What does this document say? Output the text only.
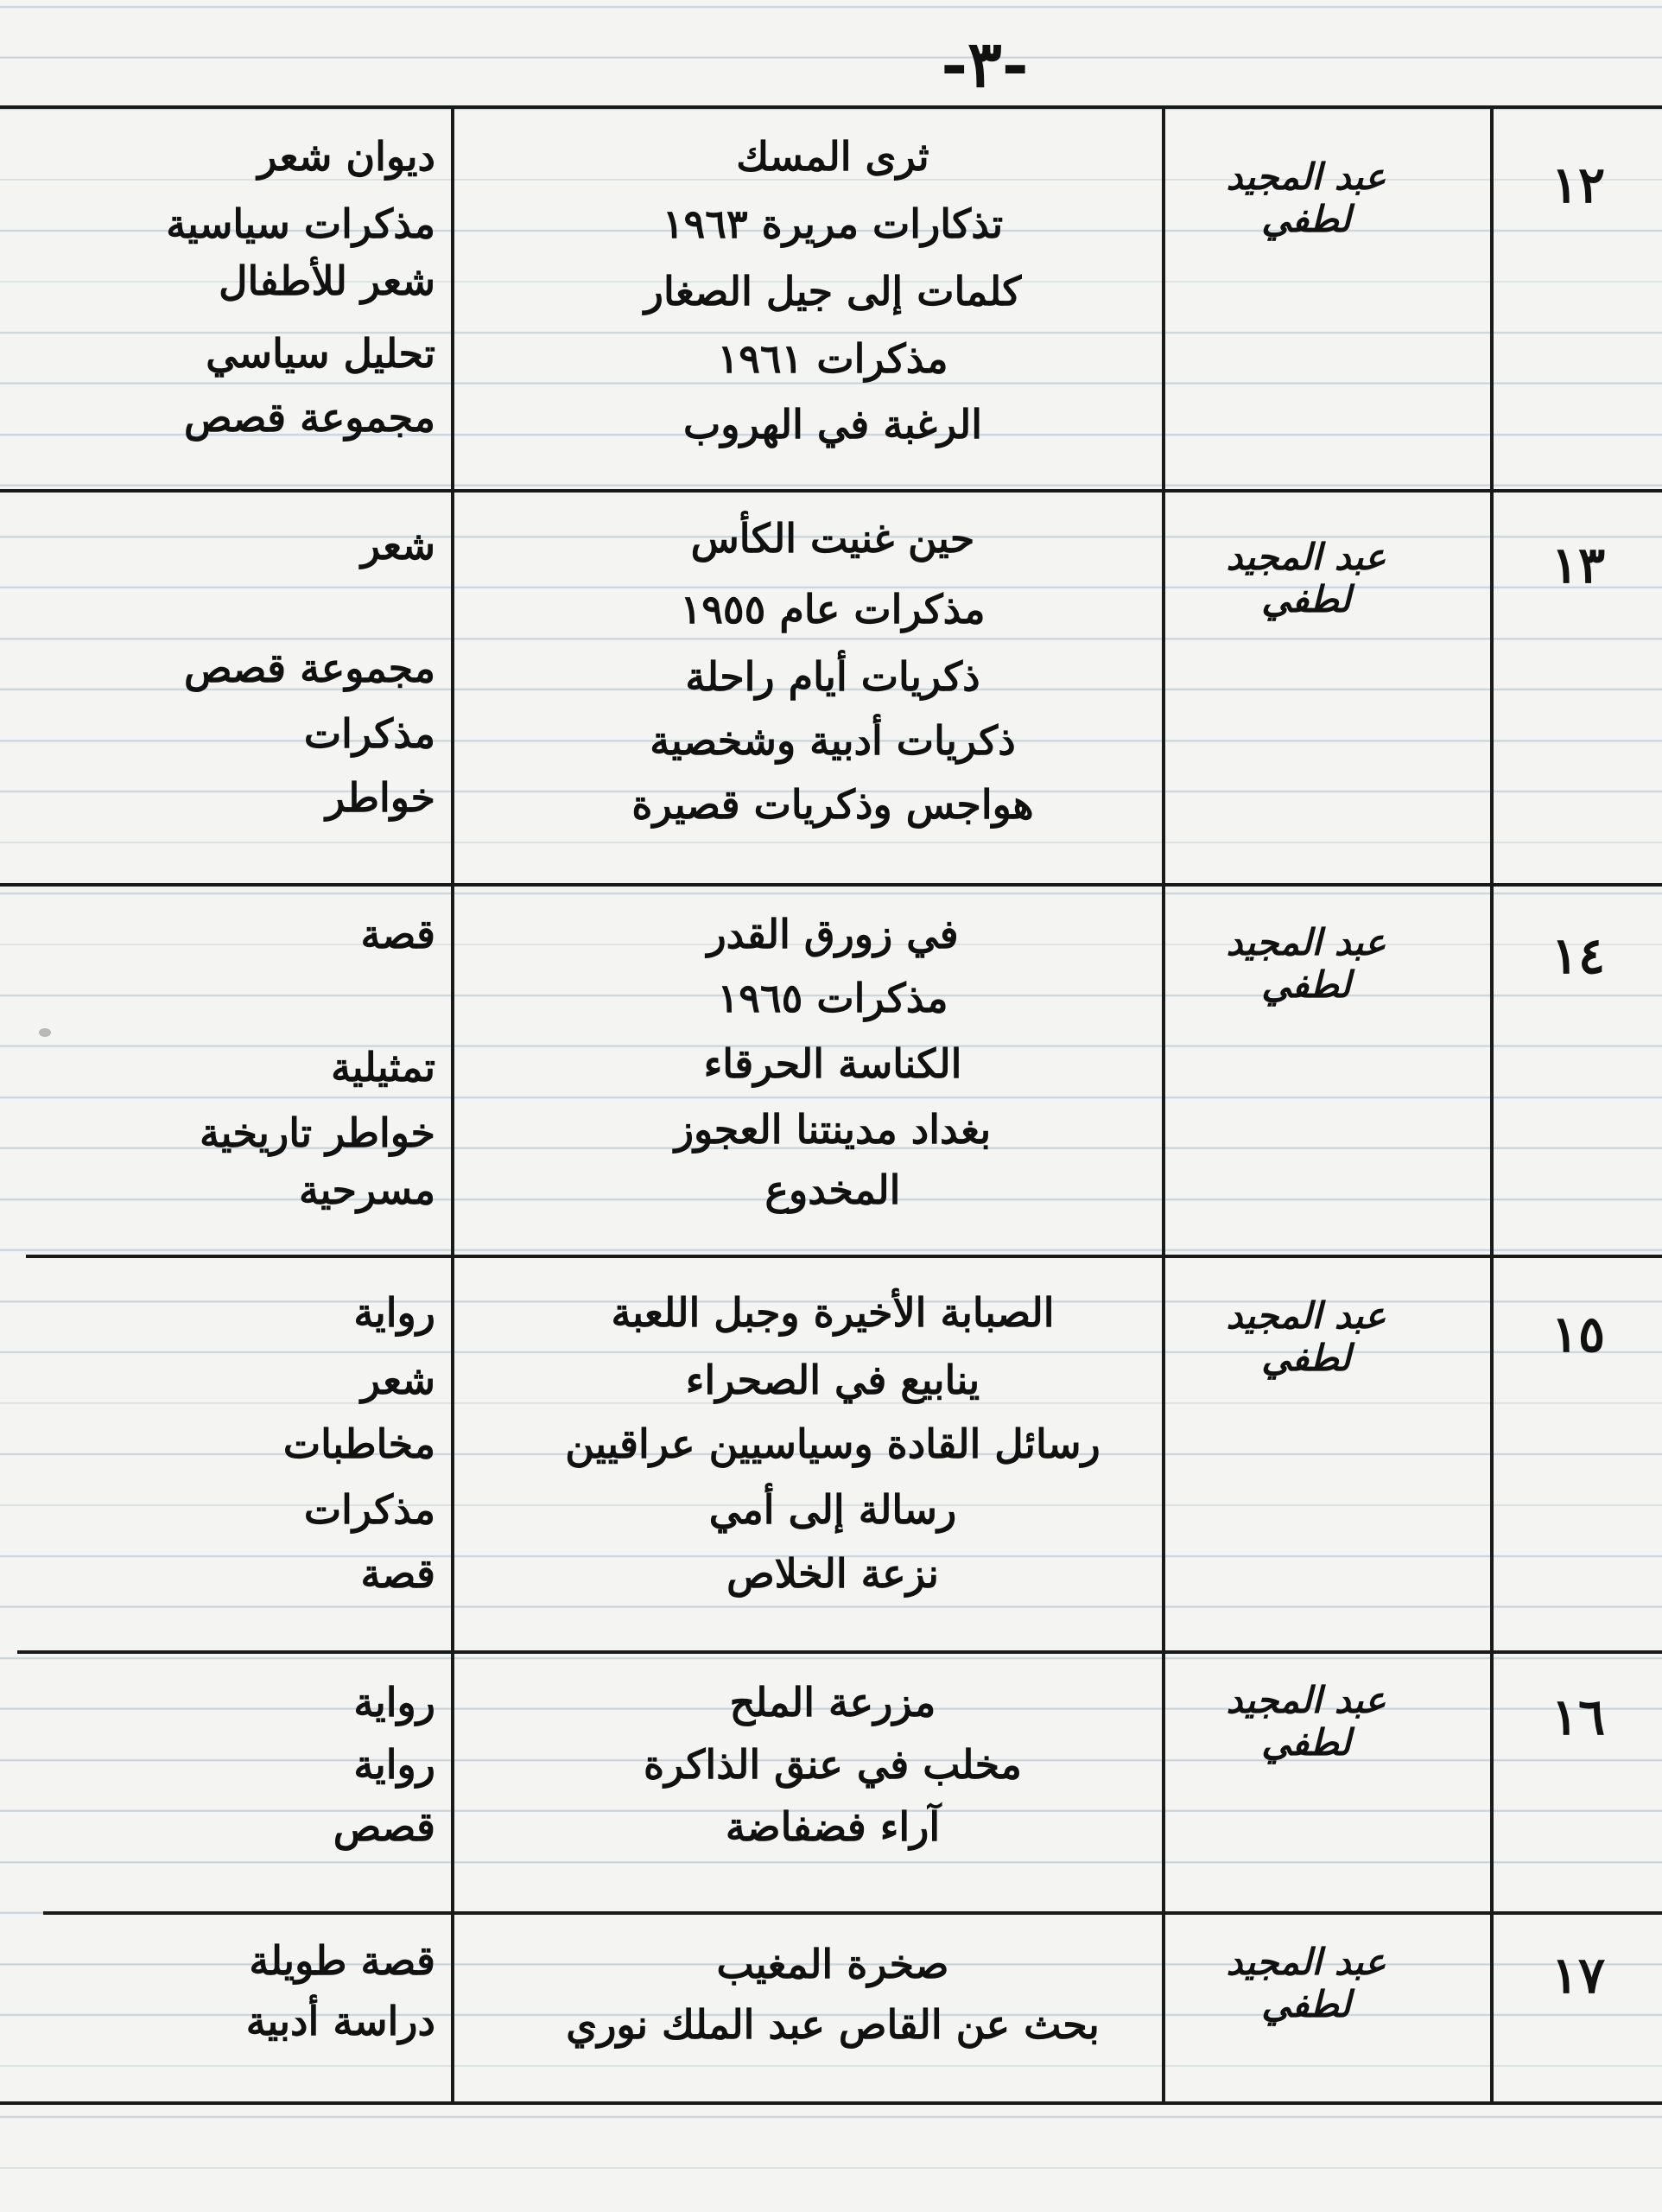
-٣-
١٢
عبد المجيد لطفي
ثرى المسك
ديوان شعر
تذكارات مريرة ١٩٦٣
مذكرات سياسية
كلمات إلى جيل الصغار
شعر للأطفال
مذكرات ١٩٦١
تحليل سياسي
الرغبة في الهروب
مجموعة قصص
١٣
عبد المجيد لطفي
حين غنيت الكأس
شعر
مذكرات عام ١٩٥٥
ذكريات أيام راحلة
مجموعة قصص
ذكريات أدبية وشخصية
مذكرات
هواجس وذكريات قصيرة
خواطر
١٤
عبد المجيد لطفي
في زورق القدر
قصة
مذكرات ١٩٦٥
الكناسة الحرقاء
تمثيلية
بغداد مدينتنا العجوز
خواطر تاريخية
المخدوع
مسرحية
١٥
عبد المجيد لطفي
الصبابة الأخيرة وجبل اللعبة
رواية
ينابيع في الصحراء
شعر
رسائل القادة وسياسيين عراقيين
مخاطبات
رسالة إلى أمي
مذكرات
نزعة الخلاص
قصة
١٦
عبد المجيد لطفي
مزرعة الملح
رواية
مخلب في عنق الذاكرة
رواية
آراء فضفاضة
قصص
١٧
عبد المجيد لطفي
صخرة المغيب
قصة طويلة
بحث عن القاص عبد الملك نوري
دراسة أدبية
